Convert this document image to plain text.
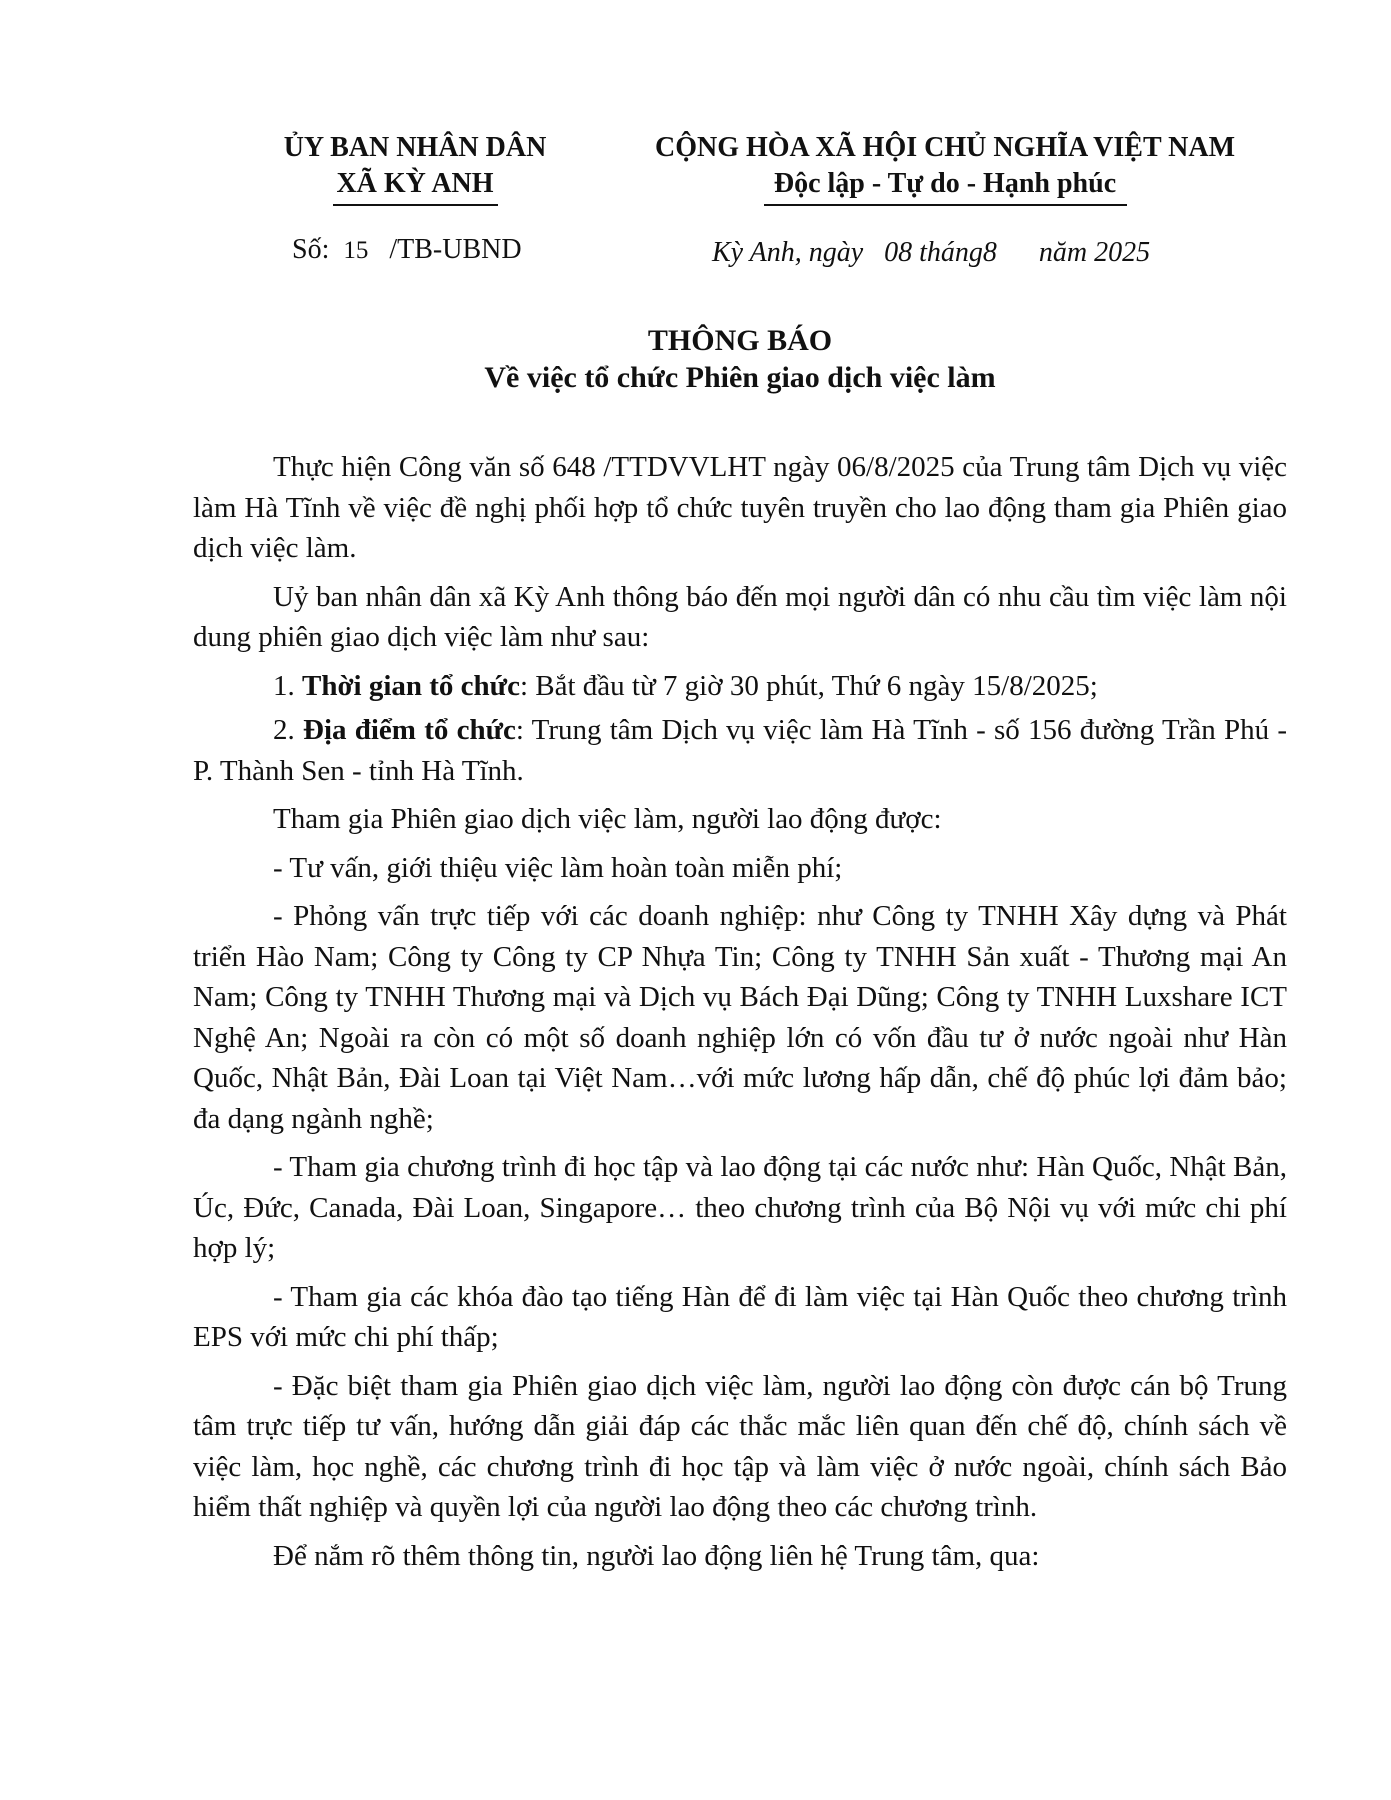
ỦY BAN NHÂN DÂN
XÃ KỲ ANH
CỘNG HÒA XÃ HỘI CHỦ NGHĨA VIỆT NAM
Độc lập - Tự do - Hạnh phúc
Số: 15 /TB-UBND	Kỳ Anh, ngày 08 tháng8 năm 2025
THÔNG BÁO
Về việc tổ chức Phiên giao dịch việc làm

Thực hiện Công văn số 648 /TTDVVLHT ngày 06/8/2025 của Trung tâm Dịch vụ việc làm Hà Tĩnh về việc đề nghị phối hợp tổ chức tuyên truyền cho lao động tham gia Phiên giao dịch việc làm.

Uỷ ban nhân dân xã Kỳ Anh thông báo đến mọi người dân có nhu cầu tìm việc làm nội dung phiên giao dịch việc làm như sau:

1. Thời gian tổ chức: Bắt đầu từ 7 giờ 30 phút, Thứ 6 ngày 15/8/2025;

2. Địa điểm tổ chức: Trung tâm Dịch vụ việc làm Hà Tĩnh - số 156 đường Trần Phú - P. Thành Sen - tỉnh Hà Tĩnh.

Tham gia Phiên giao dịch việc làm, người lao động được:

- Tư vấn, giới thiệu việc làm hoàn toàn miễn phí;

- Phỏng vấn trực tiếp với các doanh nghiệp: như Công ty TNHH Xây dựng và Phát triển Hào Nam; Công ty Công ty CP Nhựa Tin; Công ty TNHH Sản xuất - Thương mại An Nam; Công ty TNHH Thương mại và Dịch vụ Bách Đại Dũng; Công ty TNHH Luxshare ICT Nghệ An; Ngoài ra còn có một số doanh nghiệp lớn có vốn đầu tư ở nước ngoài như Hàn Quốc, Nhật Bản, Đài Loan tại Việt Nam…với mức lương hấp dẫn, chế độ phúc lợi đảm bảo; đa dạng ngành nghề;

- Tham gia chương trình đi học tập và lao động tại các nước như: Hàn Quốc, Nhật Bản, Úc, Đức, Canada, Đài Loan, Singapore… theo chương trình của Bộ Nội vụ với mức chi phí hợp lý;

- Tham gia các khóa đào tạo tiếng Hàn để đi làm việc tại Hàn Quốc theo chương trình EPS với mức chi phí thấp;

- Đặc biệt tham gia Phiên giao dịch việc làm, người lao động còn được cán bộ Trung tâm trực tiếp tư vấn, hướng dẫn giải đáp các thắc mắc liên quan đến chế độ, chính sách về việc làm, học nghề, các chương trình đi học tập và làm việc ở nước ngoài, chính sách Bảo hiểm thất nghiệp và quyền lợi của người lao động theo các chương trình.

Để nắm rõ thêm thông tin, người lao động liên hệ Trung tâm, qua:
